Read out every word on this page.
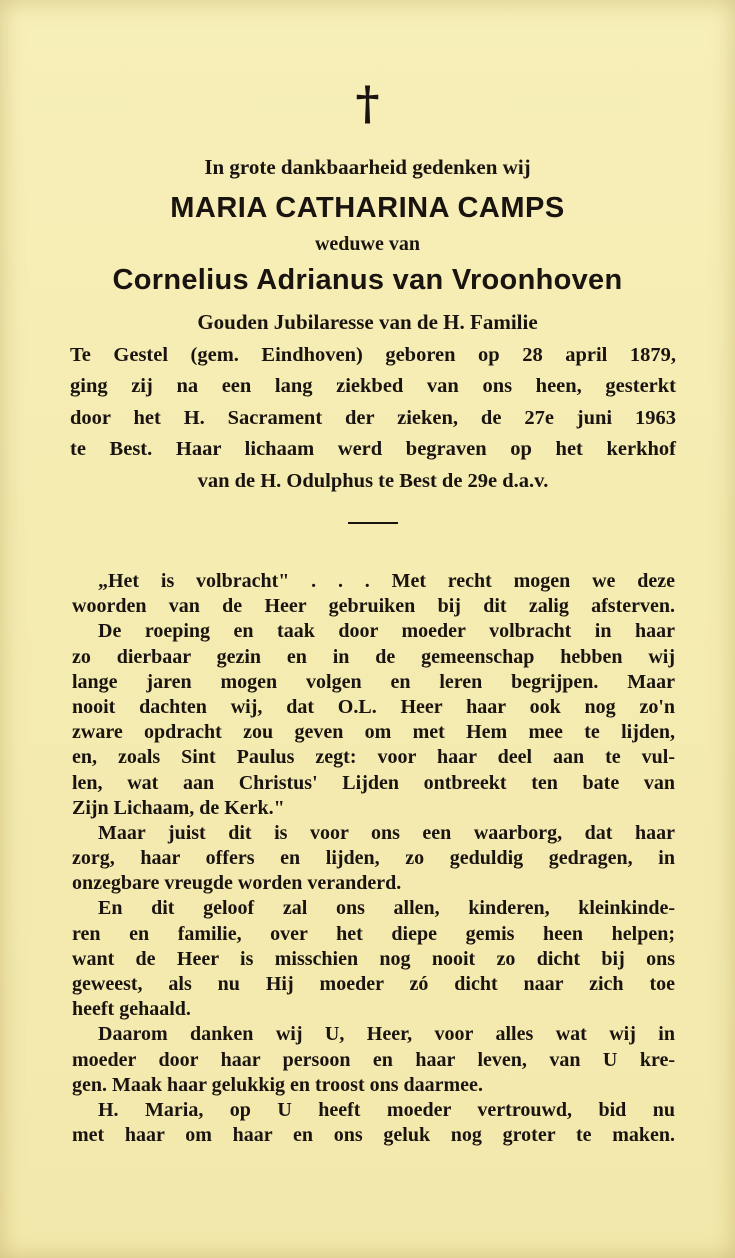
†
In grote dankbaarheid gedenken wij
MARIA CATHARINA CAMPS
weduwe van
Cornelius Adrianus van Vroonhoven
Gouden Jubilaresse van de H. Familie
Te Gestel (gem. Eindhoven) geboren op 28 april 1879,
ging zij na een lang ziekbed van ons heen, gesterkt
door het H. Sacrament der zieken, de 27e juni 1963
te Best. Haar lichaam werd begraven op het kerkhof
van de H. Odulphus te Best de 29e d.a.v.
„Het is volbracht" . . . Met recht mogen we deze
woorden van de Heer gebruiken bij dit zalig afsterven.
De roeping en taak door moeder volbracht in haar
zo dierbaar gezin en in de gemeenschap hebben wij
lange jaren mogen volgen en leren begrijpen. Maar
nooit dachten wij, dat O.L. Heer haar ook nog zo'n
zware opdracht zou geven om met Hem mee te lijden,
en, zoals Sint Paulus zegt: voor haar deel aan te vul-
len, wat aan Christus' Lijden ontbreekt ten bate van
Zijn Lichaam, de Kerk."
Maar juist dit is voor ons een waarborg, dat haar
zorg, haar offers en lijden, zo geduldig gedragen, in
onzegbare vreugde worden veranderd.
En dit geloof zal ons allen, kinderen, kleinkinde-
ren en familie, over het diepe gemis heen helpen;
want de Heer is misschien nog nooit zo dicht bij ons
geweest, als nu Hij moeder zó dicht naar zich toe
heeft gehaald.
Daarom danken wij U, Heer, voor alles wat wij in
moeder door haar persoon en haar leven, van U kre-
gen. Maak haar gelukkig en troost ons daarmee.
H. Maria, op U heeft moeder vertrouwd, bid nu
met haar om haar en ons geluk nog groter te maken.
